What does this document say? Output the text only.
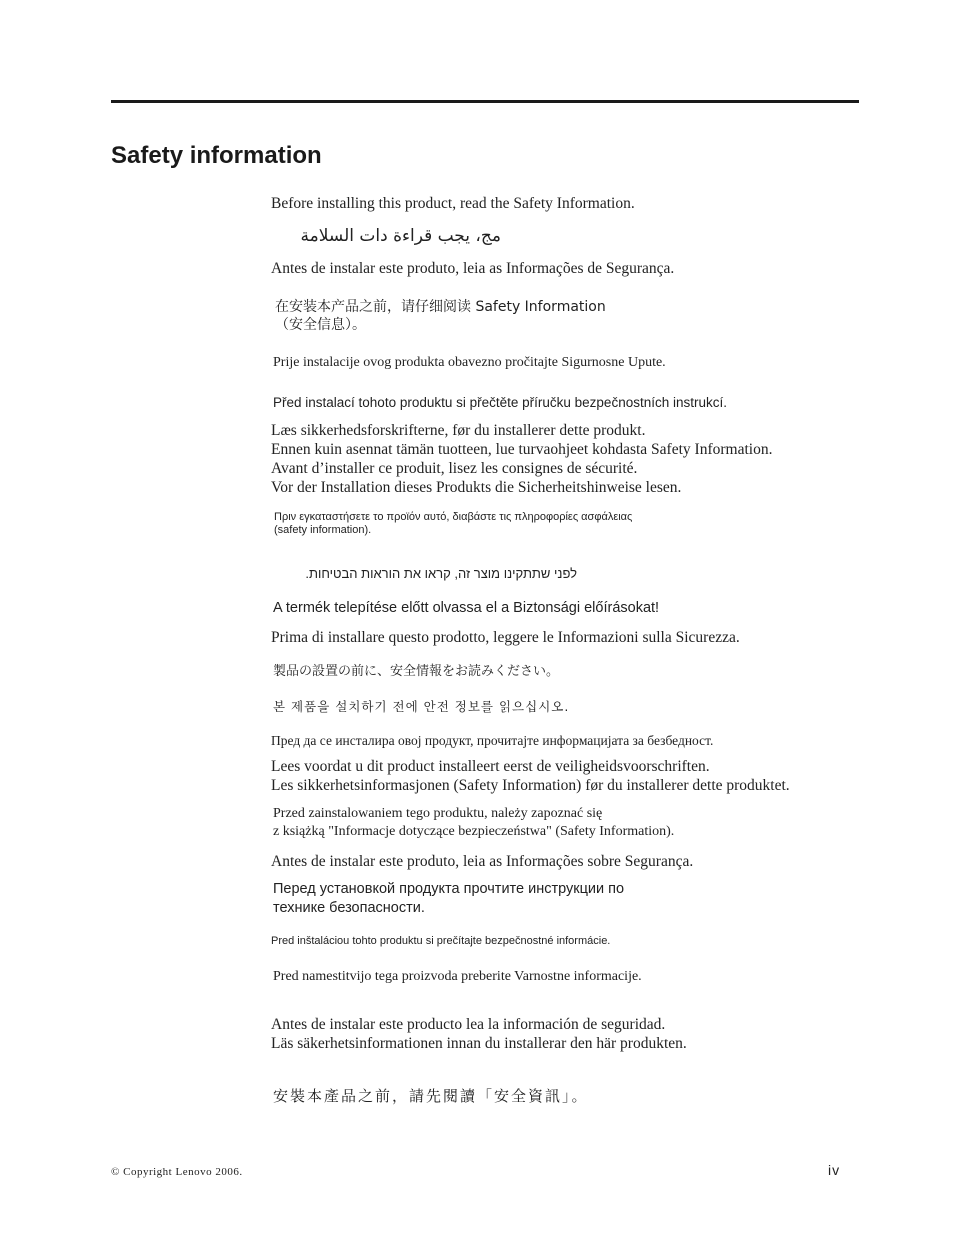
Safety information

Before installing this product, read the Safety Information.

ﻣﺞ، ﻳﺠﺐ ﻗﺮﺍءﺓ ﺩﺍﺕ ﺍﻟﺴﻼﻣﺔ

Antes de instalar este produto, leia as Informações de Segurança.

在安装本产品之前，请仔细阅读 Safety Information

（安全信息）。

Prije instalacije ovog produkta obavezno pročitajte Sigurnosne Upute.

Před instalací tohoto produktu si přečtěte příručku bezpečnostních instrukcí.

Læs sikkerhedsforskrifterne, før du installerer dette produkt.

Ennen kuin asennat tämän tuotteen, lue turvaohjeet kohdasta Safety Information.

Avant d’installer ce produit, lisez les consignes de sécurité.

Vor der Installation dieses Produkts die Sicherheitshinweise lesen.

Πριν εγκαταστήσετε το προϊόν αυτό, διαβάστε τις πληροφορίες ασφάλειας

(safety information).

לפני שתתקינו מוצר זה, קראו את הוראות הבטיחות.

A termék telepítése előtt olvassa el a Biztonsági előírásokat!

Prima di installare questo prodotto, leggere le Informazioni sulla Sicurezza.

製品の設置の前に、安全情報をお読みください。

본 제품을 설치하기 전에 안전 정보를 읽으십시오.

Пред да се инсталира овој продукт, прочитајте информацијата за безбедност.

Lees voordat u dit product installeert eerst de veiligheidsvoorschriften.

Les sikkerhetsinformasjonen (Safety Information) før du installerer dette produktet.

Przed zainstalowaniem tego produktu, należy zapoznać się

z książką "Informacje dotyczące bezpieczeństwa" (Safety Information).

Antes de instalar este produto, leia as Informações sobre Segurança.

Перед установкой продукта прочтите инструкции по

технике безопасности.

Pred inštaláciou tohto produktu si prečítajte bezpečnostné informácie.

Pred namestitvijo tega proizvoda preberite Varnostne informacije.

Antes de instalar este producto lea la información de seguridad.

Läs säkerhetsinformationen innan du installerar den här produkten.

安裝本產品之前，請先閱讀「安全資訊」。

© Copyright Lenovo 2006.	iv
